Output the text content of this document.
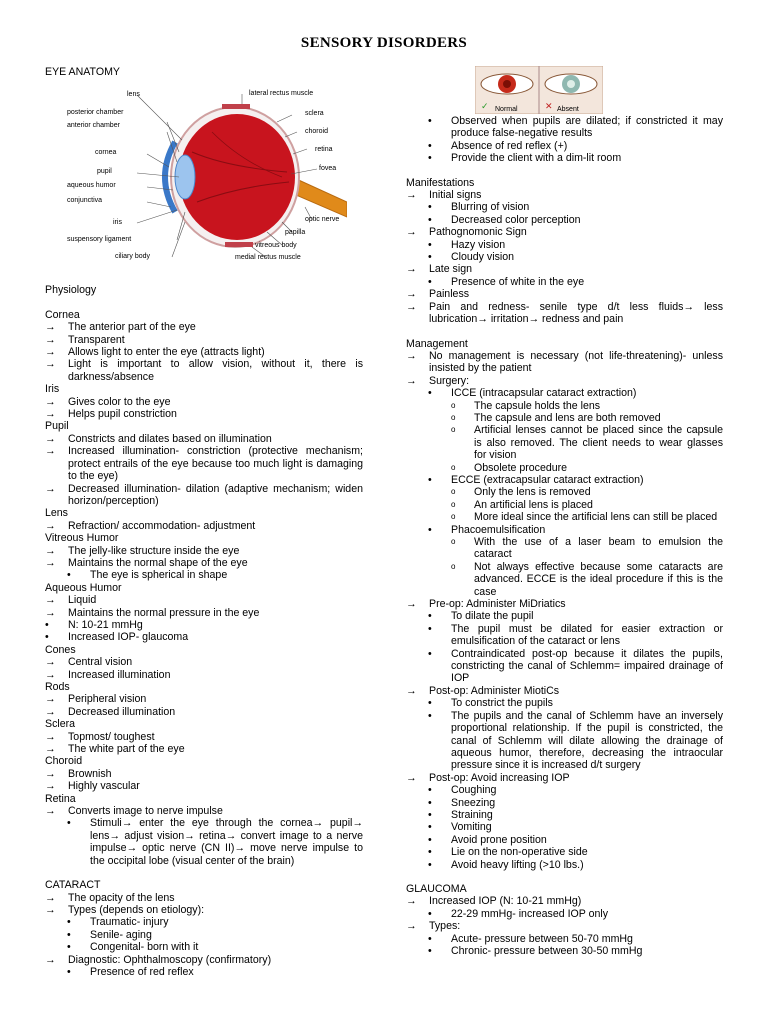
SENSORY DISORDERS
EYE ANATOMY
lens	lateral rectus muscle
posterior chamber	sclera
anterior chamber
choroid
cornea	retina
pupil	fovea
aqueous humor
conjunctiva
optic nerve
iris
papilla
suspensory ligament
vitreous body
ciliary body	medial rectus muscle
Physiology
Cornea
→	The anterior part of the eye
→	Transparent
→	Allows light to enter the eye (attracts light)
→	Light is important to allow vision, without it, there is darkness/absence
Iris
→	Gives color to the eye
→	Helps pupil constriction
Pupil
→	Constricts and dilates based on illumination
→	Increased illumination- constriction (protective mechanism; protect entrails of the eye because too much light is damaging to the eye)
→	Decreased illumination- dilation (adaptive mechanism; widen horizon/perception)
Lens
→	Refraction/ accommodation- adjustment
Vitreous Humor
→	The jelly-like structure inside the eye
→	Maintains the normal shape of the eye
•	The eye is spherical in shape
Aqueous Humor
→	Liquid
→	Maintains the normal pressure in the eye
•	N: 10-21 mmHg
•	Increased IOP- glaucoma
Cones
→	Central vision
→	Increased illumination
Rods
→	Peripheral vision
→	Decreased illumination
Sclera
→	Topmost/ toughest
→	The white part of the eye
Choroid
→	Brownish
→	Highly vascular
Retina
→	Converts image to nerve impulse
•	Stimuli→ enter the eye through the cornea→ pupil→ lens→ adjust vision→ retina→ convert image to a nerve impulse→ optic nerve (CN II)→ move nerve impulse to the occipital lobe (visual center of the brain)
CATARACT
→	The opacity of the lens
→	Types (depends on etiology):
•	Traumatic- injury
•	Senile- aging
•	Congenital- born with it
→	Diagnostic: Ophthalmoscopy (confirmatory)
•	Presence of red reflex
✓	✕
Normal	Absent
•	Observed when pupils are dilated; if constricted it may produce false-negative results
•	Absence of red reflex (+)
•	Provide the client with a dim-lit room
Manifestations
→	Initial signs
•	Blurring of vision
•	Decreased color perception
→	Pathognomonic Sign
•	Hazy vision
•	Cloudy vision
→	Late sign
•	Presence of white in the eye
→	Painless
→	Pain and redness- senile type d/t less fluids→ less lubrication→ irritation→ redness and pain
Management
→	No management is necessary (not life-threatening)- unless insisted by the patient
→	Surgery:
•	ICCE (intracapsular cataract extraction)
o	The capsule holds the lens
o	The capsule and lens are both removed
o	Artificial lenses cannot be placed since the capsule is also removed. The client needs to wear glasses for vision
o	Obsolete procedure
•	ECCE (extracapsular cataract extraction)
o	Only the lens is removed
o	An artificial lens is placed
o	More ideal since the artificial lens can still be placed
•	Phacoemulsification
o	With the use of a laser beam to emulsion the cataract
o	Not always effective because some cataracts are advanced. ECCE is the ideal procedure if this is the case
→	Pre-op: Administer MiDriatics
•	To dilate the pupil
•	The pupil must be dilated for easier extraction or emulsification of the cataract or lens
•	Contraindicated post-op because it dilates the pupils, constricting the canal of Schlemm= impaired drainage of IOP
→	Post-op: Administer MiotiCs
•	To constrict the pupils
•	The pupils and the canal of Schlemm have an inversely proportional relationship. If the pupil is constricted, the canal of Schlemm will dilate allowing the drainage of aqueous humor, therefore, decreasing the intraocular pressure since it is increased d/t surgery
→	Post-op: Avoid increasing IOP
•	Coughing
•	Sneezing
•	Straining
•	Vomiting
•	Avoid prone position
•	Lie on the non-operative side
•	Avoid heavy lifting (>10 lbs.)
GLAUCOMA
→	Increased IOP (N: 10-21 mmHg)
•	22-29 mmHg- increased IOP only
→	Types:
•	Acute- pressure between 50-70 mmHg
•	Chronic- pressure between 30-50 mmHg
